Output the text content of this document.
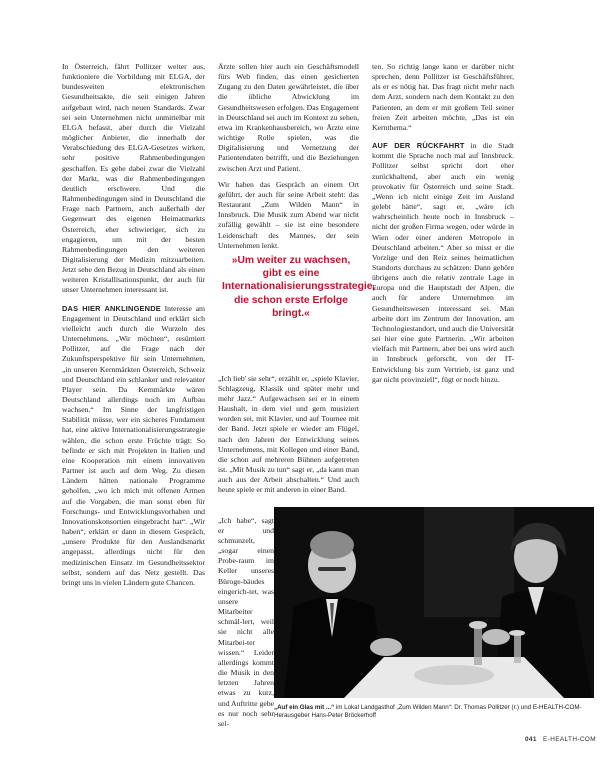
In Österreich, fährt Pollitzer weiter aus, funktioniere die Vorbildung mit ELGA, der bundesweiten elektronischen Gesundheitsakte, die seit einigen Jahren aufgebaut wird, nach neuen Standards. Zwar sei sein Unternehmen nicht unmittelbar mit ELGA befasst, aber durch die Vielzahl möglicher Anbieter, die innerhalb der Verabschiedung des ELGA-Gesetzes wirken, sehr positive Rahmenbedingungen geschaffen. Es gebe dabei zwar die Vielzahl der Markt, was die Rahmenbedingungen deutlich erschwere. Und die Rahmenbedingungen sind in Deutschland die Frage nach Partnern, auch außerhalb der Gegenwart des eigenen Heimatmarkts Österreich, eher schwieriger, sich zu engagieren, um mit der besten Rahmenbedingungen den weiteren Digitalisierung der Medizin mitzuarbeiten. Jetzt sehe den Bezug in Deutschland als einen weiteren Kristallisationspunkt, der auch für unser Unternehmen interessant ist.

DAS HIER ANKLINGENDE Interesse am Engagement in Deutschland und erklärt sich vielleicht auch durch die Wurzeln des Unternehmens. „Wir möchten“, resümiert Pollitzer, auf die Frage nach der Zukunftsperspektive für sein Unternehmen, „in unseren Kernmärkten Österreich, Schweiz und Deutschland ein schlanker und relevanter Player sein. Da Kernmärkte wären Deutschland allerdings noch im Aufbau wachsen.“ Im Sinne der langfristigen Stabilität müsse, wer ein sicheres Fundament hat, eine aktive Internationalisierungsstrategie wählen, die schon erste Früchte trägt: So befinde er sich mit Projekten in Italien und eine Kooperation mit einem innovativen Partner ist auch auf dem Weg. Zu diesen Ländern hätten nationale Programme geholfen, „wo ich mich mit offenen Armen auf die Vorgaben, die man sonst eben für Forschungs- und Entwicklungsvorhaben und Innovationskonsortien eingebracht hat“. „Wir haben“, erklärt er dann in diesem Gespräch, „unsere Produkte für den Auslandsmarkt angepasst, allerdings nicht für den medizinischen Einsatz im Gesundheitssektor selbst, sondern auf das Netz gestellt. Das bringt uns in vielen Ländern gute Chancen.

Ärzte sollen hier auch ein Geschäftsmodell fürs Web finden, das einen gesicherten Zugang zu den Daten gewährleistet, die über die übliche Abwicklung im Gesundheitswesen erfolgen. Das Engagement in Deutschland sei auch im Kontext zu sehen, etwa im Krankenhausbereich, wo Ärzte eine wichtige Rolle spielen, was die Digitalisierung und Vernetzung der Patientendaten betrifft, und die Beziehungen zwischen Arzt und Patient.

Wir haben das Gespräch an einem Ort geführt, der auch für seine Arbeit steht: das Restaurant „Zum Wilden Mann“ in Innsbruck. Die Musik zum Abend war nicht zufällig gewählt – sie ist eine besondere Leidenschaft des Mannes, der sein Unternehmen lenkt.

»Um weiter zu wachsen, gibt es eine Internationalisierungsstrategie, die schon erste Erfolge bringt.«

„Ich lieb' sie sehr“, erzählt er, „spiele Klavier, Schlagzeug, Klassik und später mehr und mehr Jazz.“ Aufgewachsen sei er in einem Haushalt, in dem viel und gern musiziert worden sei, mit Klavier, und auf Tournee mit der Band. Jetzt spiele er wieder am Flügel, nach den Jahren der Entwicklung seines Unternehmens, mit Kollegen und einer Band, die schon auf mehreren Bühnen aufgetreten ist. „Mit Musik zu tun“ sagt er, „da kann man auch aus der Arbeit abschalten.“ Und auch heute spiele er mit anderen in einer Band.

„Ich habe“, sagt er und schmunzelt, „sogar einen Probe-raum im Keller unseres Büroge-bäudes eingerich-tet, was unsere Mitarbeiter schmäl-lert, weil sie nicht alle Mitarbei-ter wissen.“ Leider allerdings kommt die Musik in den letzten Jahren etwas zu kurz, und Auftritte gebe es nur noch sehr sel-

ten. So richtig lange kann er darüber nicht sprechen, denn Pollitzer ist Geschäftsführer, als er es nötig hat. Das fragt nicht mehr nach dem Arzt, sondern nach dem Kontakt zu den Patienten, an dem er mit großem Teil seiner freien Zeit arbeiten möchte, „Das ist ein Kernthema.“

AUF DER RÜCKFAHRT in die Stadt kommt die Sprache noch mal auf Innsbruck. Pollitzer selbst spricht dort eher zurückhaltend, aber auch ein wenig provokativ für Österreich und seine Stadt. „Wenn ich nicht einige Zeit im Ausland gelebt hätte“, sagt er, „wäre ich wahrscheinlich heute noch in Innsbruck – nicht der großen Firma wegen, oder würde in Wien oder einer anderen Metropole in Deutschland arbeiten.“ Aber so misst er die Vorzüge und den Reiz seines heimatlichen Standorts durchaus zu schätzen: Dann gehöre übrigens auch die relativ zentrale Lage in Europa und die Hauptstadt der Alpen, die auch für andere Unternehmen im Gesundheitswesen interessant sei. Man arbeite dort im Zentrum der Innovation, am Technologiestandort, und auch die Universität sei hier eine gute Partnerin. „Wir arbeiten vielfach mit Partnern, aber bei uns wird auch in Innsbruck geforscht, von der IT-Entwicklung bis zum Vertrieb, ist ganz und gar nicht provinziell“, fügt er noch hinzu.

„Auf ein Glas mit ...“ im Lokal Landgasthof „Zum Wilden Mann“: Dr. Thomas Pollitzer (r.) und E-HEALTH-COM-Herausgeber Hans-Peter Bröckerhoff
041 E-HEALTH-COM
